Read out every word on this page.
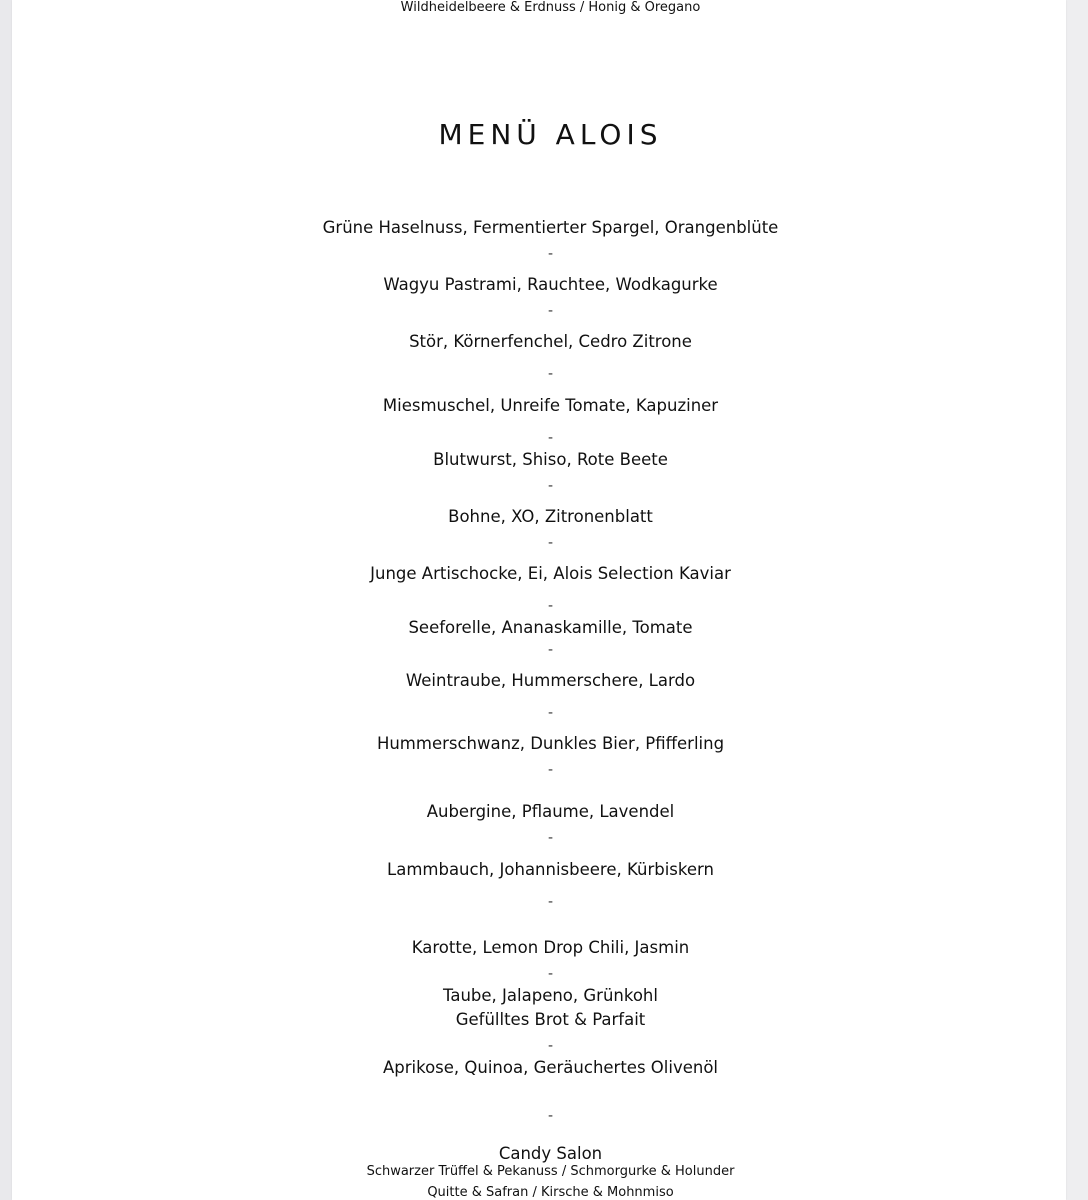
MENÜ ALOIS
Grüne Haselnuss, Fermentierter Spargel, Orangenblüte
-
Wagyu Pastrami, Rauchtee, Wodkagurke
-
Stör, Körnerfenchel, Cedro Zitrone
-
Miesmuschel, Unreife Tomate, Kapuziner
-
Blutwurst, Shiso, Rote Beete
-
Bohne, XO, Zitronenblatt
-
Junge Artischocke, Ei, Alois Selection Kaviar
-
Seeforelle, Ananaskamille, Tomate
-
Weintraube, Hummerschere, Lardo
-
Hummerschwanz, Dunkles Bier, Pfifferling
-
Aubergine, Pflaume, Lavendel
-
Lammbauch, Johannisbeere, Kürbiskern
-
Karotte, Lemon Drop Chili, Jasmin
-
Taube, Jalapeno, Grünkohl
Gefülltes Brot & Parfait
-
Aprikose, Quinoa, Geräuchertes Olivenöl
-
Candy Salon
Schwarzer Trüffel & Pekanuss / Schmorgurke & Holunder
Quitte & Safran / Kirsche & Mohnmiso
Wildheidelbeere & Erdnuss / Honig & Oregano
